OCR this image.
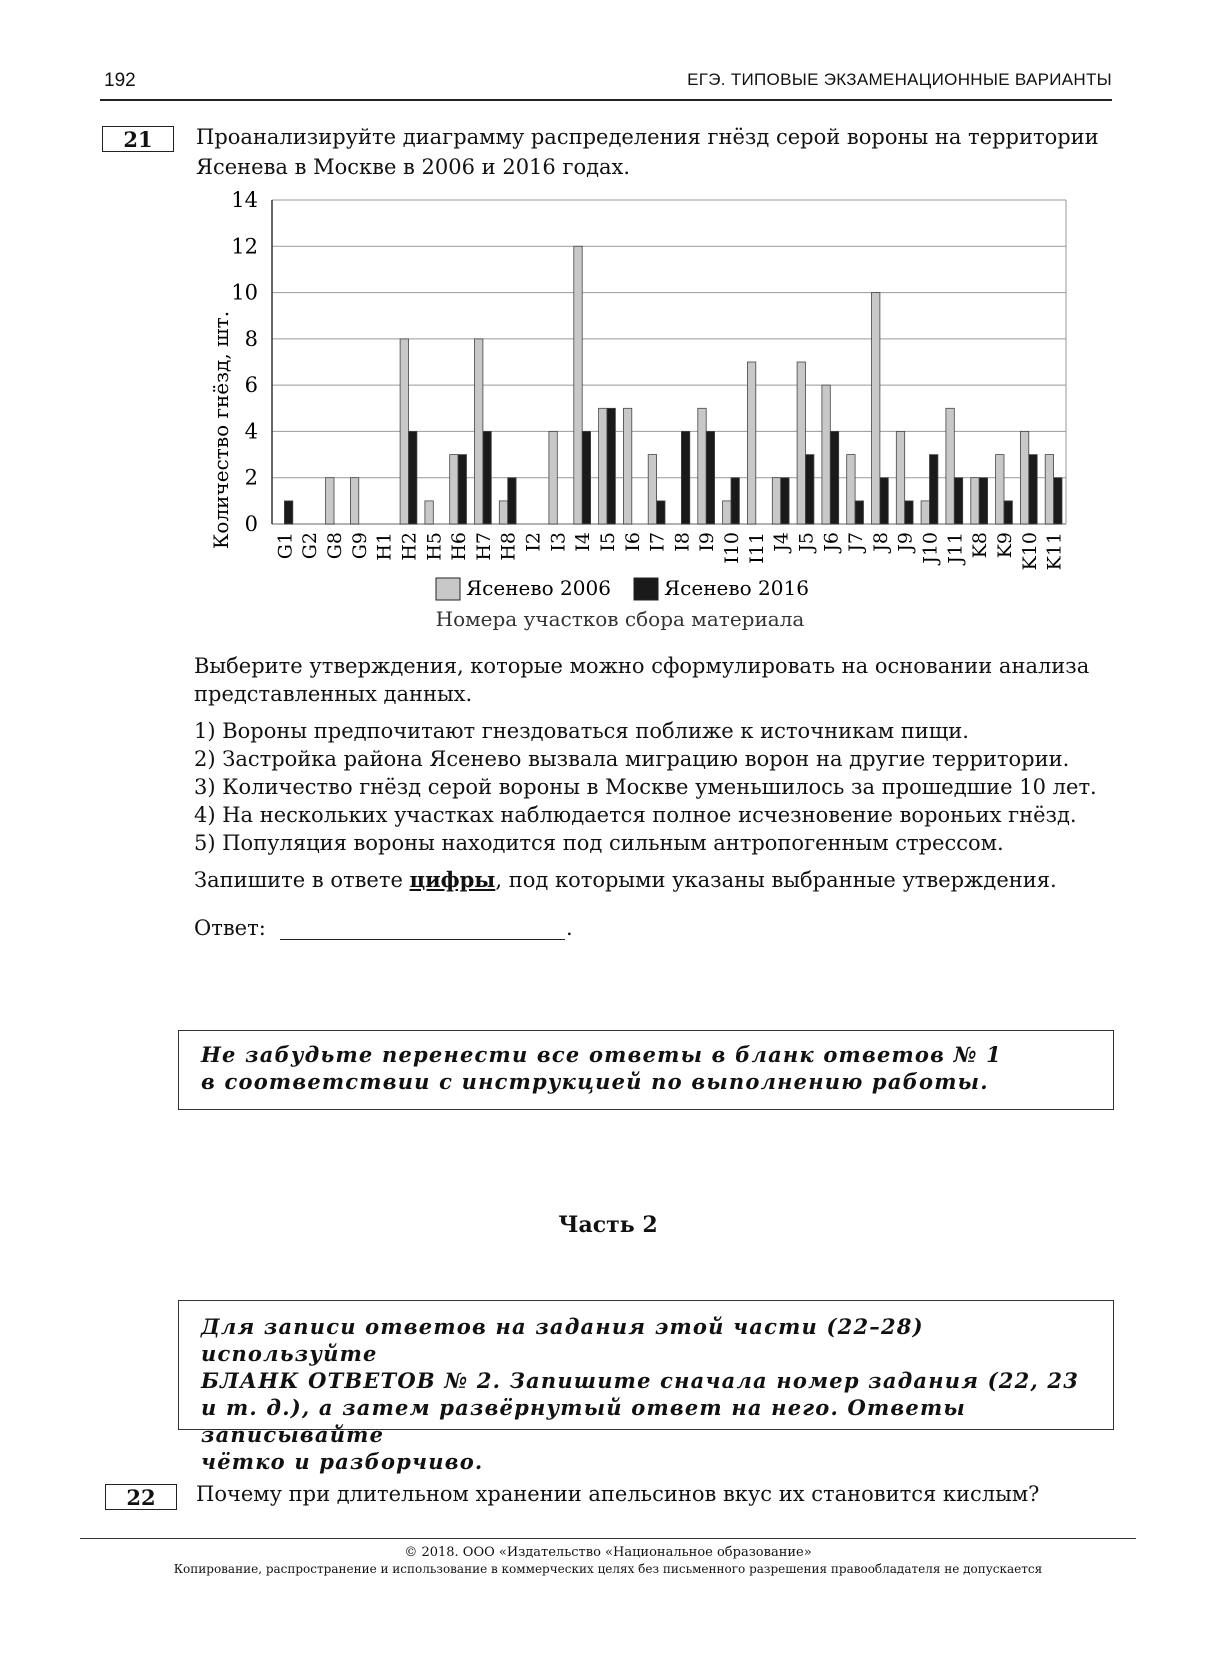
192	ЕГЭ. ТИПОВЫЕ ЭКЗАМЕНАЦИОННЫЕ ВАРИАНТЫ
21	Проанализируйте диаграмму распределения гнёзд серой вороны на территории
Ясенева в Москве в 2006 и 2016 годах.
0
2
4
6
8
10
12
14
G1 G2 G8 G9 H1 H2 H5 H6 H7 H8 I2 I3 I4 I5 I6 I7 I8 I9 I10 I11 J4 J5 J6 J7 J8 J9 J10 J11 K8 K9 K10 K11
Количество гнёзд, шт.
Ясенево 2006	Ясенево 2016
Номера участков сбора материала
Выберите утверждения, которые можно сформулировать на основании анализа
представленных данных.
1) Вороны предпочитают гнездоваться поближе к источникам пищи.
2) Застройка района Ясенево вызвала миграцию ворон на другие территории.
3) Количество гнёзд серой вороны в Москве уменьшилось за прошедшие 10 лет.
4) На нескольких участках наблюдается полное исчезновение вороньих гнёзд.
5) Популяция вороны находится под сильным антропогенным стрессом.
Запишите в ответе цифры, под которыми указаны выбранные утверждения.
Ответ:	.
Не забудьте перенести все ответы в бланк ответов № 1
в соответствии с инструкцией по выполнению работы.
Часть 2
Для записи ответов на задания этой части (22–28) используйте
БЛАНК ОТВЕТОВ № 2. Запишите сначала номер задания (22, 23
и т. д.), а затем развёрнутый ответ на него. Ответы записывайте
чётко и разборчиво.
22	Почему при длительном хранении апельсинов вкус их становится кислым?
© 2018. ООО «Издательство «Национальное образование»
Копирование, распространение и использование в коммерческих целях без письменного разрешения правообладателя не допускается
